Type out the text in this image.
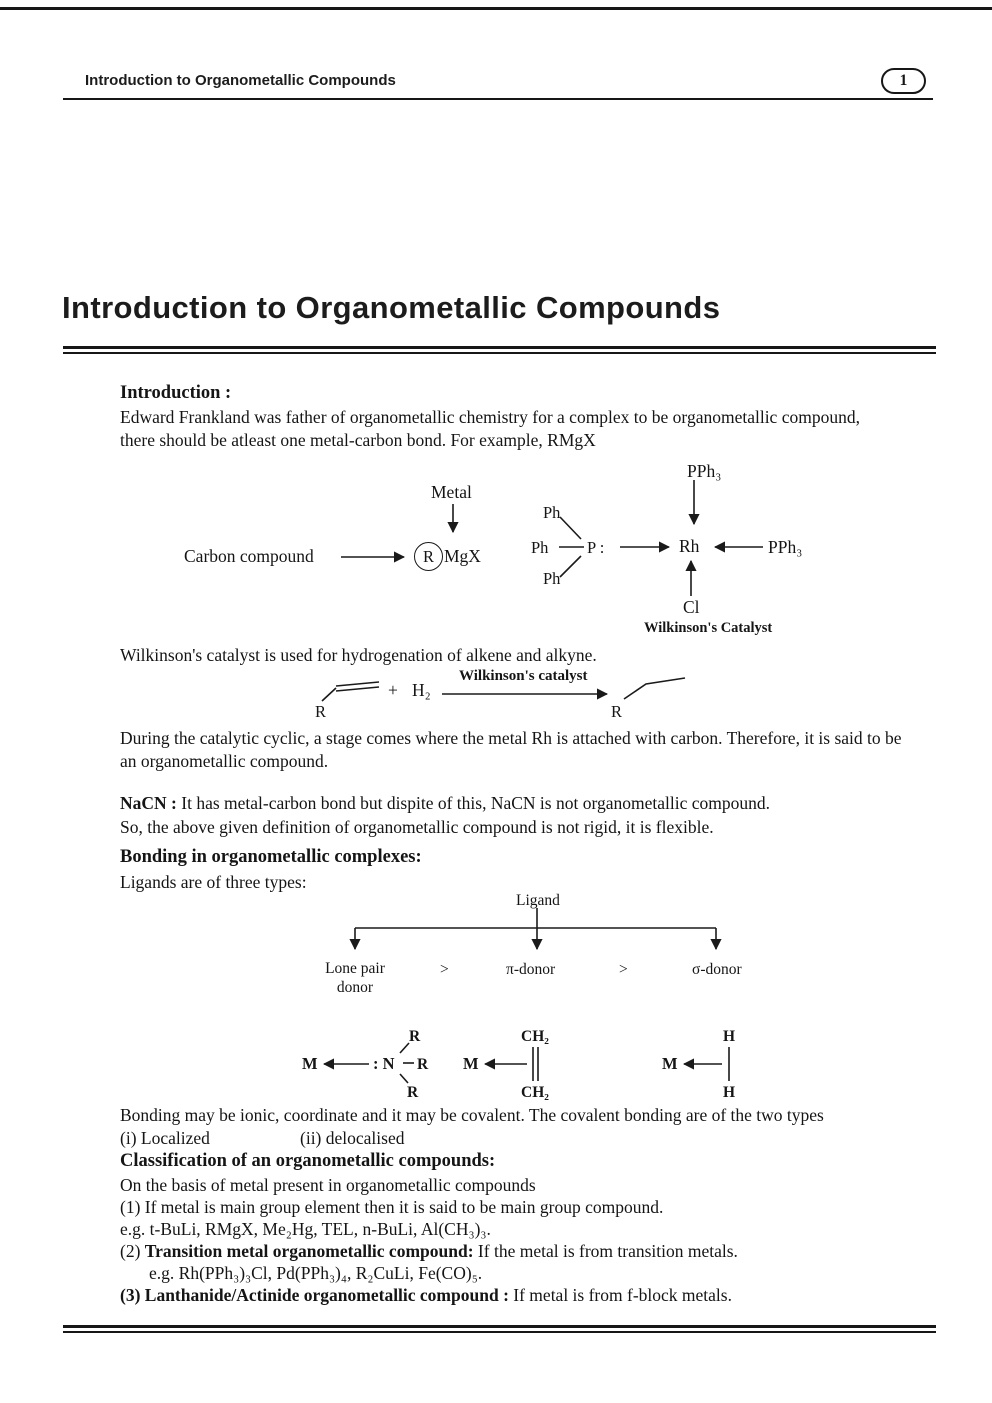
Introduction to Organometallic Compounds	1
Introduction to Organometallic Compounds
Introduction :
Edward Frankland was father of organometallic chemistry for a complex to be organometallic compound,
there should be atleast one metal-carbon bond. For example, RMgX
PPh₃
Metal
Carbon compound	R MgX
Ph
Ph
Ph
P :	Rh	PPh₃
Cl
Wilkinson's Catalyst
Wilkinson's catalyst is used for hydrogenation of alkene and alkyne.
R
+ H₂
Wilkinson's catalyst
R
During the catalytic cyclic, a stage comes where the metal Rh is attached with carbon. Therefore, it is said to be
an organometallic compound.
NaCN : It has metal-carbon bond but dispite of this, NaCN is not organometallic compound.
So, the above given definition of organometallic compound is not rigid, it is flexible.
Bonding in organometallic complexes:
Ligands are of three types:
Ligand
Lone pair
donor
>	π-donor	>	σ-donor
M	: N
R
R
R
M
CH₂
CH₂
M
H
H
Bonding may be ionic, coordinate and it may be covalent. The covalent bonding are of the two types
(i) Localized	(ii) delocalised
Classification of an organometallic compounds:
On the basis of metal present in organometallic compounds
(1) If metal is main group element then it is said to be main group compound.
e.g. t-BuLi, RMgX, Me₂Hg, TEL, n-BuLi, Al(CH₃)₃.
(2) Transition metal organometallic compound: If the metal is from transition metals.
e.g. Rh(PPh₃)₃Cl, Pd(PPh₃)₄, R₂CuLi, Fe(CO)₅.
(3) Lanthanide/Actinide organometallic compound : If metal is from f-block metals.
